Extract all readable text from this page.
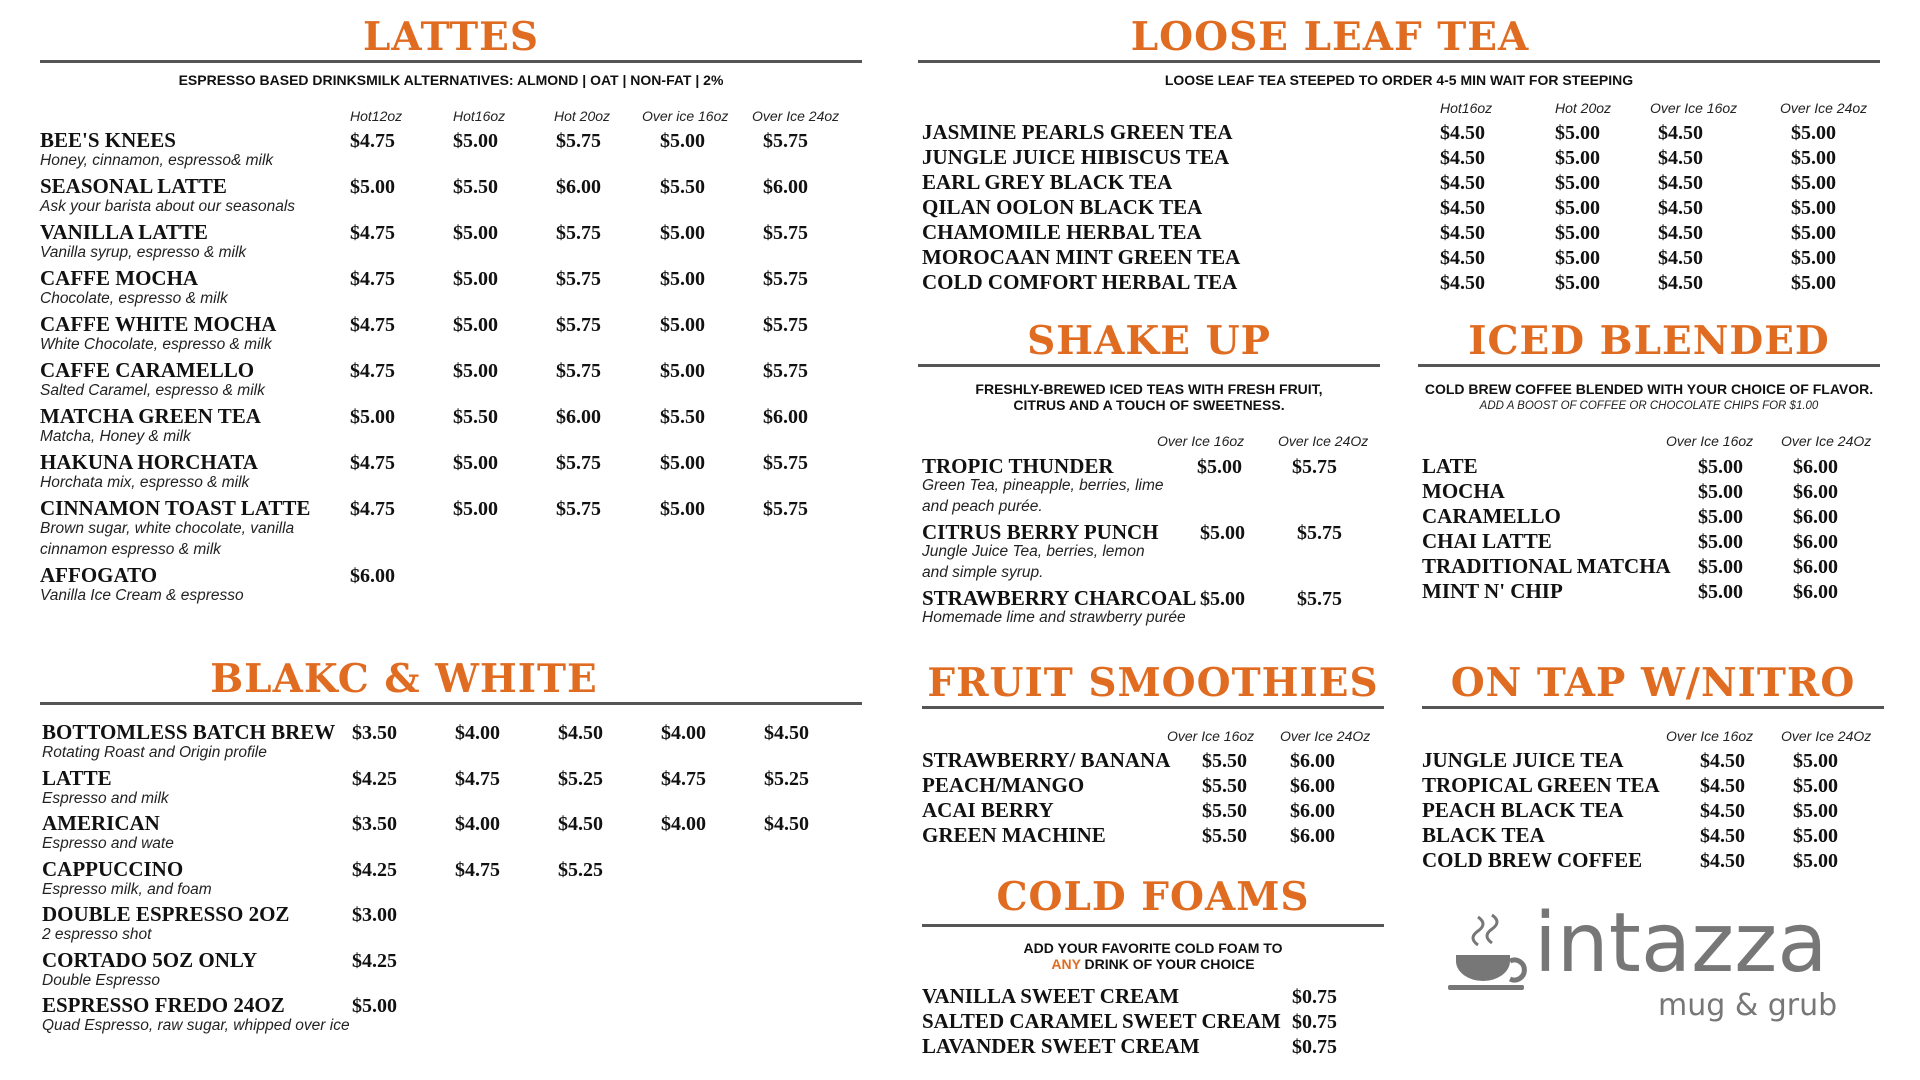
LATTES
ESPRESSO BASED DRINKSMILK ALTERNATIVES: ALMOND | OAT | NON-FAT | 2%
Hot12oz	Hot16oz	Hot 20oz Over ice 16oz Over Ice 24oz
BEE'S KNEES	$4.75	$5.00	$5.75	$5.00	$5.75
Honey, cinnamon, espresso& milk
SEASONAL LATTE	$5.00	$5.50	$6.00	$5.50	$6.00
Ask your barista about our seasonals
VANILLA LATTE	$4.75	$5.00	$5.75	$5.00	$5.75
Vanilla syrup, espresso & milk
CAFFE MOCHA	$4.75	$5.00	$5.75	$5.00	$5.75
Chocolate, espresso & milk
CAFFE WHITE MOCHA	$4.75	$5.00	$5.75	$5.00	$5.75
White Chocolate, espresso & milk
CAFFE CARAMELLO	$4.75	$5.00	$5.75	$5.00	$5.75
Salted Caramel, espresso & milk
MATCHA GREEN TEA	$5.00	$5.50	$6.00	$5.50	$6.00
Matcha, Honey & milk
HAKUNA HORCHATA	$4.75	$5.00	$5.75	$5.00	$5.75
Horchata mix, espresso & milk
CINNAMON TOAST LATTE $4.75	$5.00	$5.75	$5.00	$5.75
Brown sugar, white chocolate, vanilla
cinnamon espresso & milk
AFFOGATO	$6.00
Vanilla Ice Cream & espresso
BLAKC & WHITE
BOTTOMLESS BATCH BREW $3.50	$4.00	$4.50	$4.00	$4.50
Rotating Roast and Origin profile
LATTE	$4.25	$4.75	$5.25	$4.75	$5.25
Espresso and milk
AMERICAN	$3.50	$4.00	$4.50	$4.00	$4.50
Espresso and wate
CAPPUCCINO	$4.25	$4.75	$5.25
Espresso milk, and foam
DOUBLE ESPRESSO 2OZ	$3.00
2 espresso shot
CORTADO 5OZ ONLY	$4.25
Double Espresso
ESPRESSO FREDO 24OZ	$5.00
Quad Espresso, raw sugar, whipped over ice
LOOSE LEAF TEA
LOOSE LEAF TEA STEEPED TO ORDER 4-5 MIN WAIT FOR STEEPING
Hot16oz	Hot 20oz	Over Ice 16oz	Over Ice 24oz
JASMINE PEARLS GREEN TEA	$4.50	$5.00	$4.50	$5.00
JUNGLE JUICE HIBISCUS TEA	$4.50	$5.00	$4.50	$5.00
EARL GREY BLACK TEA	$4.50	$5.00	$4.50	$5.00
QILAN OOLON BLACK TEA	$4.50	$5.00	$4.50	$5.00
CHAMOMILE HERBAL TEA	$4.50	$5.00	$4.50	$5.00
MOROCAAN MINT GREEN TEA	$4.50	$5.00	$4.50	$5.00
COLD COMFORT HERBAL TEA	$4.50	$5.00	$4.50	$5.00
SHAKE UP
FRESHLY-BREWED ICED TEAS WITH FRESH FRUIT,
CITRUS AND A TOUCH OF SWEETNESS.
Over Ice 16oz Over Ice 24Oz
TROPIC THUNDER	$5.00	$5.75
Green Tea, pineapple, berries, lime
and peach purée.
CITRUS BERRY PUNCH $5.00	$5.75
Jungle Juice Tea, berries, lemon
and simple syrup.
STRAWBERRY CHARCOAL $5.00	$5.75
Homemade lime and strawberry purée
ICED BLENDED
COLD BREW COFFEE BLENDED WITH YOUR CHOICE OF FLAVOR.
ADD A BOOST OF COFFEE OR CHOCOLATE CHIPS FOR $1.00
Over Ice 16oz Over Ice 24Oz
LATE	$5.00	$6.00
MOCHA	$5.00	$6.00
CARAMELLO	$5.00	$6.00
CHAI LATTE	$5.00	$6.00
TRADITIONAL MATCHA $5.00	$6.00
MINT N' CHIP	$5.00	$6.00
FRUIT SMOOTHIES
Over Ice 16oz Over Ice 24Oz
STRAWBERRY/ BANANA $5.50 $6.00
PEACH/MANGO	$5.50 $6.00
ACAI BERRY	$5.50 $6.00
GREEN MACHINE	$5.50 $6.00
ON TAP W/NITRO
Over Ice 16oz Over Ice 24Oz
JUNGLE JUICE TEA	$4.50 $5.00
TROPICAL GREEN TEA $4.50 $5.00
PEACH BLACK TEA	$4.50 $5.00
BLACK TEA	$4.50 $5.00
COLD BREW COFFEE	$4.50 $5.00
COLD FOAMS
ADD YOUR FAVORITE COLD FOAM TO
ANY DRINK OF YOUR CHOICE
VANILLA SWEET CREAM	$0.75
SALTED CARAMEL SWEET CREAM $0.75
LAVANDER SWEET CREAM	$0.75
intazza
mug & grub
